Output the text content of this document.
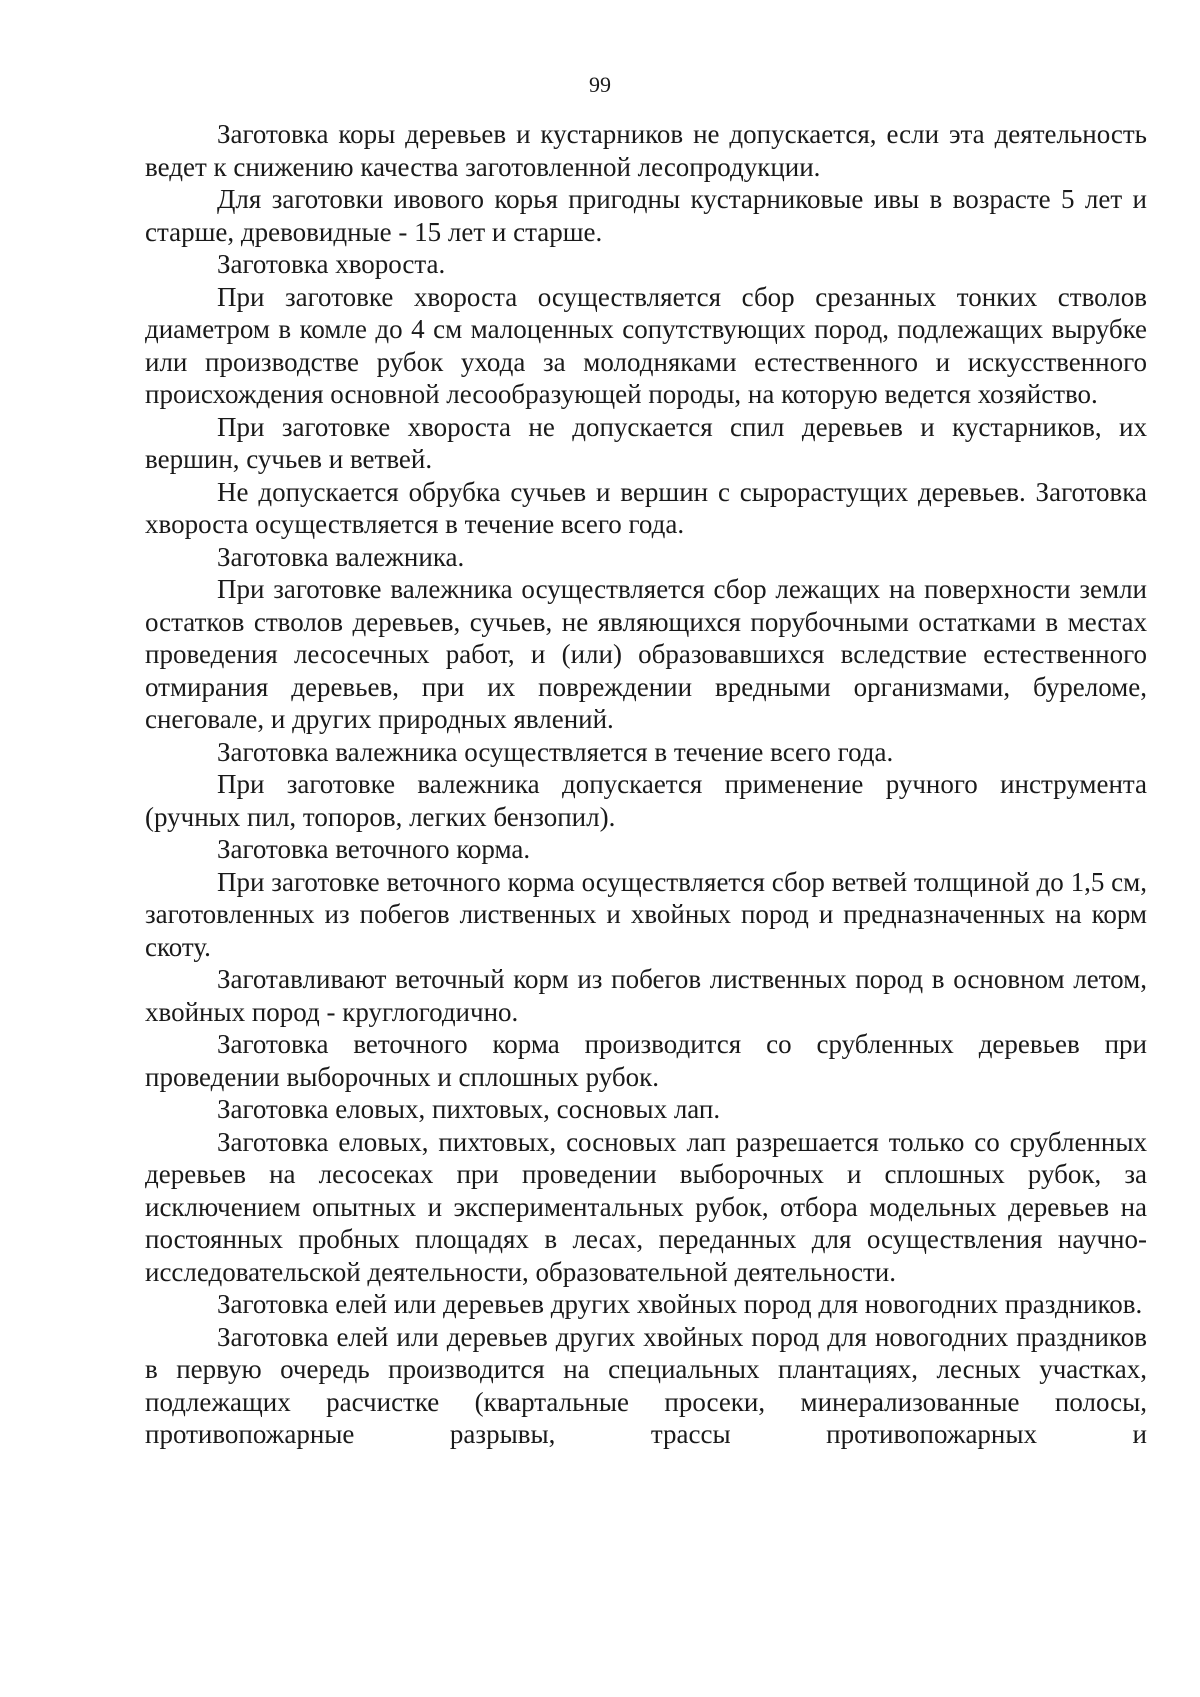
99

Заготовка коры деревьев и кустарников не допускается, если эта деятельность ведет к снижению качества заготовленной лесопродукции.

Для заготовки ивового корья пригодны кустарниковые ивы в возрасте 5 лет и старше, древовидные - 15 лет и старше.

Заготовка хвороста.

При заготовке хвороста осуществляется сбор срезанных тонких стволов диаметром в комле до 4 см малоценных сопутствующих пород, подлежащих вырубке или производстве рубок ухода за молодняками естественного и искусственного происхождения основной лесообразующей породы, на которую ведется хозяйство.

При заготовке хвороста не допускается спил деревьев и кустарников, их вершин, сучьев и ветвей.

Не допускается обрубка сучьев и вершин с сырорастущих деревьев. Заготовка хвороста осуществляется в течение всего года.

Заготовка валежника.

При заготовке валежника осуществляется сбор лежащих на поверхности земли остатков стволов деревьев, сучьев, не являющихся порубочными остатками в местах проведения лесосечных работ, и (или) образовавшихся вследствие естественного отмирания деревьев, при их повреждении вредными организмами, буреломе, снеговале, и других природных явлений.

Заготовка валежника осуществляется в течение всего года.

При заготовке валежника допускается применение ручного инструмента (ручных пил, топоров, легких бензопил).

Заготовка веточного корма.

При заготовке веточного корма осуществляется сбор ветвей толщиной до 1,5 см, заготовленных из побегов лиственных и хвойных пород и предназначенных на корм скоту.

Заготавливают веточный корм из побегов лиственных пород в основном летом, хвойных пород - круглогодично.

Заготовка веточного корма производится со срубленных деревьев при проведении выборочных и сплошных рубок.

Заготовка еловых, пихтовых, сосновых лап.

Заготовка еловых, пихтовых, сосновых лап разрешается только со срубленных деревьев на лесосеках при проведении выборочных и сплошных рубок, за исключением опытных и экспериментальных рубок, отбора модельных деревьев на постоянных пробных площадях в лесах, переданных для осуществления научно-исследовательской деятельности, образовательной деятельности.

Заготовка елей или деревьев других хвойных пород для новогодних праздников.

Заготовка елей или деревьев других хвойных пород для новогодних праздников в первую очередь производится на специальных плантациях, лесных участках, подлежащих расчистке (квартальные просеки, минерализованные полосы, противопожарные разрывы, трассы противопожарных и
